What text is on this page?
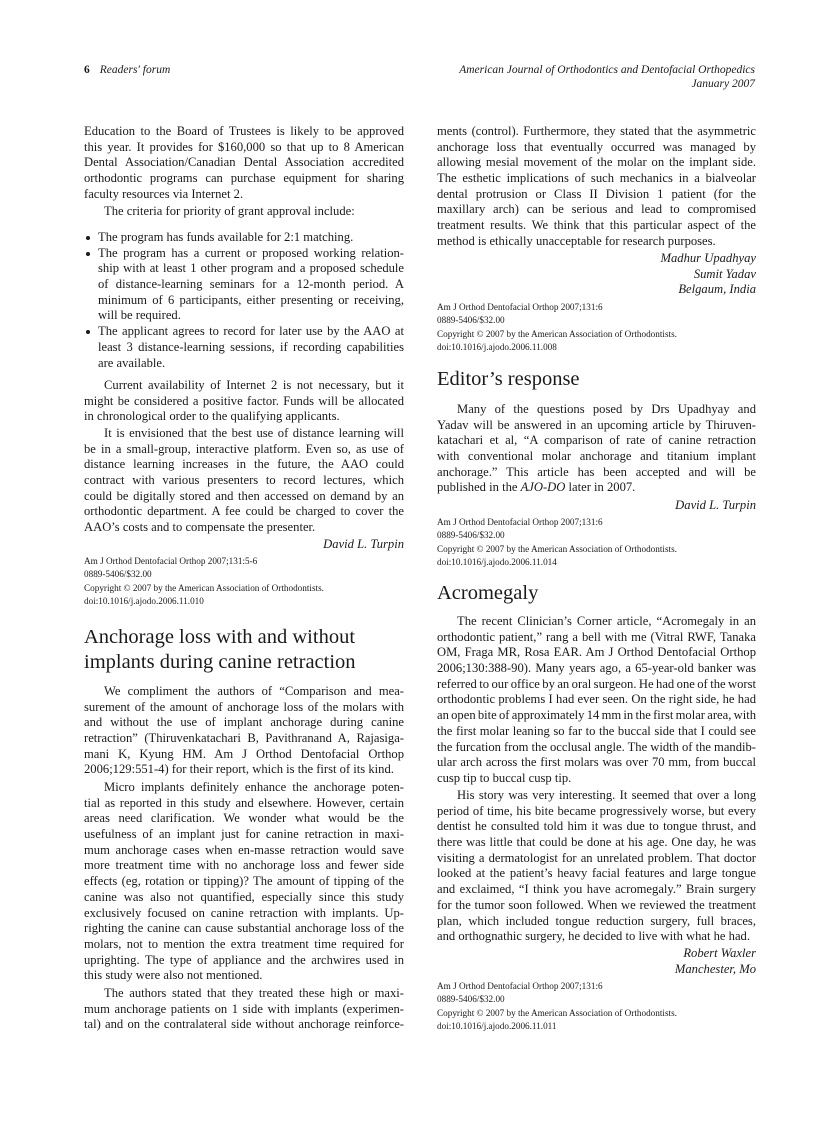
6 Readers' forum	American Journal of Orthodontics and Dentofacial Orthopedics
January 2007
Education to the Board of Trustees is likely to be approved
this year. It provides for $160,000 so that up to 8 American
Dental Association/Canadian Dental Association accredited
orthodontic programs can purchase equipment for sharing
faculty resources via Internet 2.
The criteria for priority of grant approval include:
The program has funds available for 2:1 matching.
The program has a current or proposed working relation-
ship with at least 1 other program and a proposed schedule
of distance-learning seminars for a 12-month period. A
minimum of 6 participants, either presenting or receiving,
will be required.
The applicant agrees to record for later use by the AAO at
least 3 distance-learning sessions, if recording capabilities
are available.
Current availability of Internet 2 is not necessary, but it
might be considered a positive factor. Funds will be allocated
in chronological order to the qualifying applicants.
It is envisioned that the best use of distance learning will
be in a small-group, interactive platform. Even so, as use of
distance learning increases in the future, the AAO could
contract with various presenters to record lectures, which
could be digitally stored and then accessed on demand by an
orthodontic department. A fee could be charged to cover the
AAO’s costs and to compensate the presenter.
David L. Turpin
Am J Orthod Dentofacial Orthop 2007;131:5-6
0889-5406/$32.00
Copyright © 2007 by the American Association of Orthodontists.
doi:10.1016/j.ajodo.2006.11.010
Anchorage loss with and without
implants during canine retraction
We compliment the authors of “Comparison and mea-
surement of the amount of anchorage loss of the molars with
and without the use of implant anchorage during canine
retraction” (Thiruvenkatachari B, Pavithranand A, Rajasiga-
mani K, Kyung HM. Am J Orthod Dentofacial Orthop
2006;129:551-4) for their report, which is the first of its kind.
Micro implants definitely enhance the anchorage poten-
tial as reported in this study and elsewhere. However, certain
areas need clarification. We wonder what would be the
usefulness of an implant just for canine retraction in maxi-
mum anchorage cases when en-masse retraction would save
more treatment time with no anchorage loss and fewer side
effects (eg, rotation or tipping)? The amount of tipping of the
canine was also not quantified, especially since this study
exclusively focused on canine retraction with implants. Up-
righting the canine can cause substantial anchorage loss of the
molars, not to mention the extra treatment time required for
uprighting. The type of appliance and the archwires used in
this study were also not mentioned.
The authors stated that they treated these high or maxi-
mum anchorage patients on 1 side with implants (experimen-
tal) and on the contralateral side without anchorage reinforce-
ments (control). Furthermore, they stated that the asymmetric
anchorage loss that eventually occurred was managed by
allowing mesial movement of the molar on the implant side.
The esthetic implications of such mechanics in a bialveolar
dental protrusion or Class II Division 1 patient (for the
maxillary arch) can be serious and lead to compromised
treatment results. We think that this particular aspect of the
method is ethically unacceptable for research purposes.
Madhur Upadhyay
Sumit Yadav
Belgaum, India
Am J Orthod Dentofacial Orthop 2007;131:6
0889-5406/$32.00
Copyright © 2007 by the American Association of Orthodontists.
doi:10.1016/j.ajodo.2006.11.008
Editor’s response
Many of the questions posed by Drs Upadhyay and
Yadav will be answered in an upcoming article by Thiruven-
katachari et al, “A comparison of rate of canine retraction
with conventional molar anchorage and titanium implant
anchorage.” This article has been accepted and will be
published in the AJO-DO later in 2007.
David L. Turpin
Am J Orthod Dentofacial Orthop 2007;131:6
0889-5406/$32.00
Copyright © 2007 by the American Association of Orthodontists.
doi:10.1016/j.ajodo.2006.11.014
Acromegaly
The recent Clinician’s Corner article, “Acromegaly in an
orthodontic patient,” rang a bell with me (Vitral RWF, Tanaka
OM, Fraga MR, Rosa EAR. Am J Orthod Dentofacial Orthop
2006;130:388-90). Many years ago, a 65-year-old banker was
referred to our office by an oral surgeon. He had one of the worst
orthodontic problems I had ever seen. On the right side, he had
an open bite of approximately 14 mm in the first molar area, with
the first molar leaning so far to the buccal side that I could see
the furcation from the occlusal angle. The width of the mandib-
ular arch across the first molars was over 70 mm, from buccal
cusp tip to buccal cusp tip.
His story was very interesting. It seemed that over a long
period of time, his bite became progressively worse, but every
dentist he consulted told him it was due to tongue thrust, and
there was little that could be done at his age. One day, he was
visiting a dermatologist for an unrelated problem. That doctor
looked at the patient’s heavy facial features and large tongue
and exclaimed, “I think you have acromegaly.” Brain surgery
for the tumor soon followed. When we reviewed the treatment
plan, which included tongue reduction surgery, full braces,
and orthognathic surgery, he decided to live with what he had.
Robert Waxler
Manchester, Mo
Am J Orthod Dentofacial Orthop 2007;131:6
0889-5406/$32.00
Copyright © 2007 by the American Association of Orthodontists.
doi:10.1016/j.ajodo.2006.11.011
